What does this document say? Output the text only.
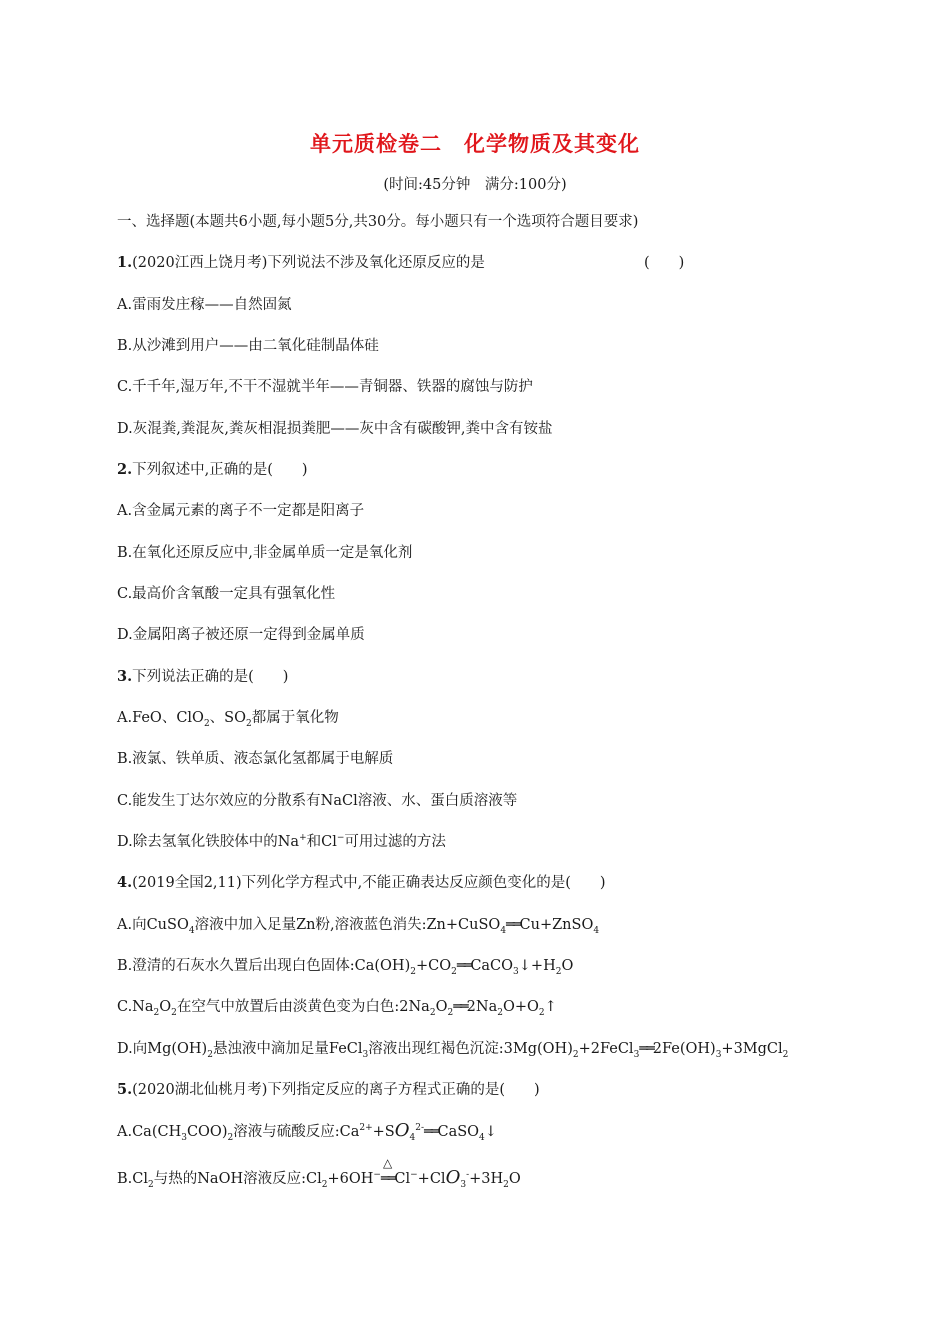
单元质检卷二　化学物质及其变化
(时间:45分钟　满分:100分)
一、选择题(本题共6小题,每小题5分,共30分。每小题只有一个选项符合题目要求)
1.(2020江西上饶月考)下列说法不涉及氧化还原反应的是	(　　)
A.雷雨发庄稼——自然固氮
B.从沙滩到用户——由二氧化硅制晶体硅
C.千千年,湿万年,不干不湿就半年——青铜器、铁器的腐蚀与防护
D.灰混粪,粪混灰,粪灰相混损粪肥——灰中含有碳酸钾,粪中含有铵盐
2.下列叙述中,正确的是(　　)
A.含金属元素的离子不一定都是阳离子
B.在氧化还原反应中,非金属单质一定是氧化剂
C.最高价含氧酸一定具有强氧化性
D.金属阳离子被还原一定得到金属单质
3.下列说法正确的是(　　)
A.FeO、ClO$_2$、$SO_2$都属于氧化物
B.液氯、铁单质、液态氯化氢都属于电解质
C.能发生丁达尔效应的分散系有NaCl溶液、水、蛋白质溶液等
D.除去氢氧化铁胶体中的Na+和Cl−可用过滤的方法
4.(2019全国2,11)下列化学方程式中,不能正确表达反应颜色变化的是(　　)
A.向CuSO$_4$溶液中加入足量Zn粉,溶液蓝色消失:Zn+CuSO$_4$══Cu+ZnSO$_4$
B.澄清的石灰水久置后出现白色固体$:Ca(OH)_2+CO_2══CaCO_3↓+H_2O$
$C.Na_2O_2$在空气中放置后由淡黄色变为白色$:2Na_2O_2══2Na_2O+O_2↑$
D.向$Mg(OH)_2$悬浊液中滴加足量FeCl$_3$溶液出现红褐色沉淀$:3Mg(OH)_2+2FeCl_3══2Fe(OH)_3+3MgCl_2$
5.(2020湖北仙桃月考)下列指定反应的离子方程式正确的是(　　)
$A.Ca(CH_3COO)_2$溶液与硫酸反应$:Ca^{2+}+SO_4^{2-}══CaSO_4↓$
$B.Cl_2$与热的NaOH溶液反应$:Cl_2+6OH^-$
△
$══Cl^-+ClO_3^-+3H_2O$
